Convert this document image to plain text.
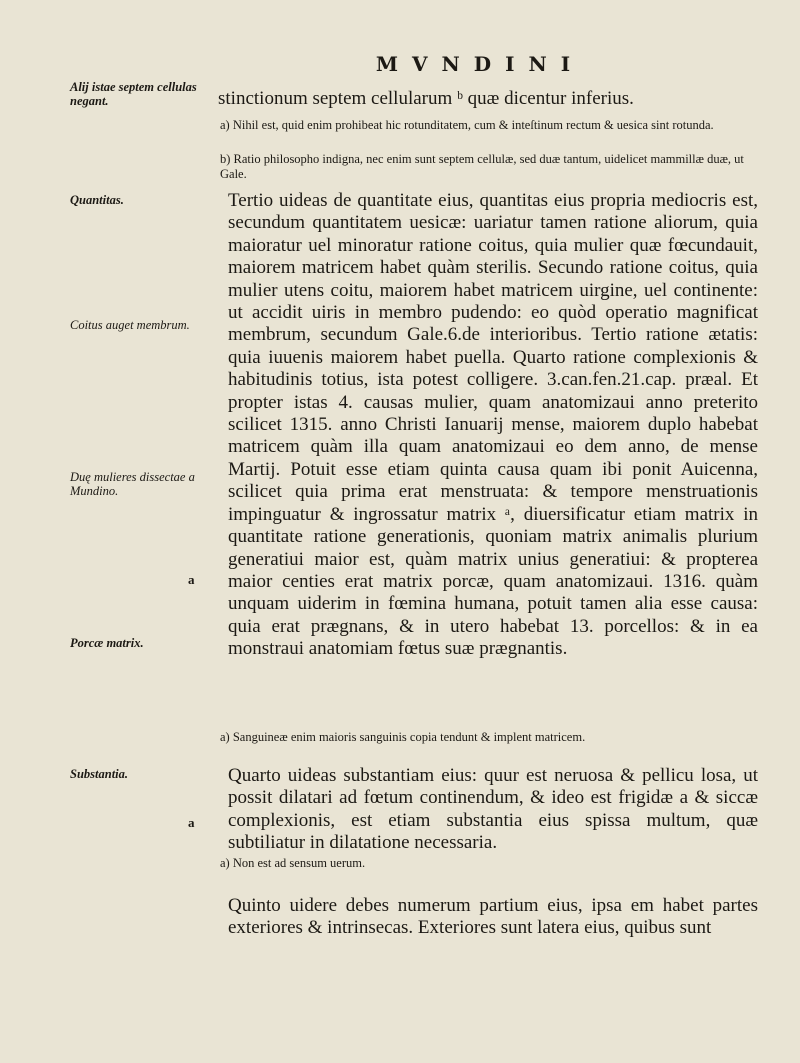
MVNDINI
Alij istae septem cellulas negant.
Quantitas.
Coitus auget membrum.
Duę mulieres dissectae a Mundino.
Porcæ matrix.
Substantia.
a
a
stinctionum septem cellularum ᵇ quæ dicentur inferius.
a) Nihil est, quid enim prohibeat hic rotunditatem, cum & inteſtinum rectum & uesica sint rotunda.
b) Ratio philosopho indigna, nec enim sunt septem cellulæ, sed duæ tantum, uidelicet mammillæ duæ, ut Gale.
Tertio uideas de quantitate eius, quantitas eius propria mediocris est, secundum quantitatem uesicæ: uariatur tamen ratione aliorum, quia maioratur uel minoratur ratione coitus, quia mulier quæ fœcundauit, maiorem matricem habet quàm sterilis. Secundo ratione coitus, quia mulier utens coitu, maiorem habet matricem uirgine, uel continente: ut accidit uiris in membro pudendo: eo quòd operatio magnificat membrum, secundum Gale.6.de interioribus. Tertio ratione ætatis: quia iuuenis maiorem habet puella. Quarto ratione complexionis & habitudinis totius, ista potest colligere. 3.can.fen.21.cap. præal. Et propter istas 4. causas mulier, quam anatomizaui anno preterito scilicet 1315. anno Christi Ianuarij mense, maiorem duplo habebat matricem quàm illa quam anatomizaui eo dem anno, de mense Martij. Potuit esse etiam quinta causa quam ibi ponit Auicenna, scilicet quia prima erat menstruata: & tempore menstruationis impinguatur & ingrossatur matrix ᵃ, diuersificatur etiam matrix in quantitate ratione generationis, quoniam matrix animalis plurium generatiui maior est, quàm matrix unius generatiui: & propterea maior centies erat matrix porcæ, quam anatomizaui. 1316. quàm unquam uiderim in fœmina humana, potuit tamen alia esse causa: quia erat prægnans, & in utero habebat 13. porcellos: & in ea monstraui anatomiam fœtus suæ prægnantis.
a) Sanguineæ enim maioris sanguinis copia tendunt & implent matricem.
Quarto uideas substantiam eius: quur est neruosa & pellicu losa, ut possit dilatari ad fœtum continendum, & ideo est frigidæ a & siccæ complexionis, est etiam substantia eius spissa multum, quæ subtiliatur in dilatatione necessaria.
a) Non est ad sensum uerum.
Quinto uidere debes numerum partium eius, ipsa em habet partes exteriores & intrinsecas. Exteriores sunt latera eius, quibus sunt
